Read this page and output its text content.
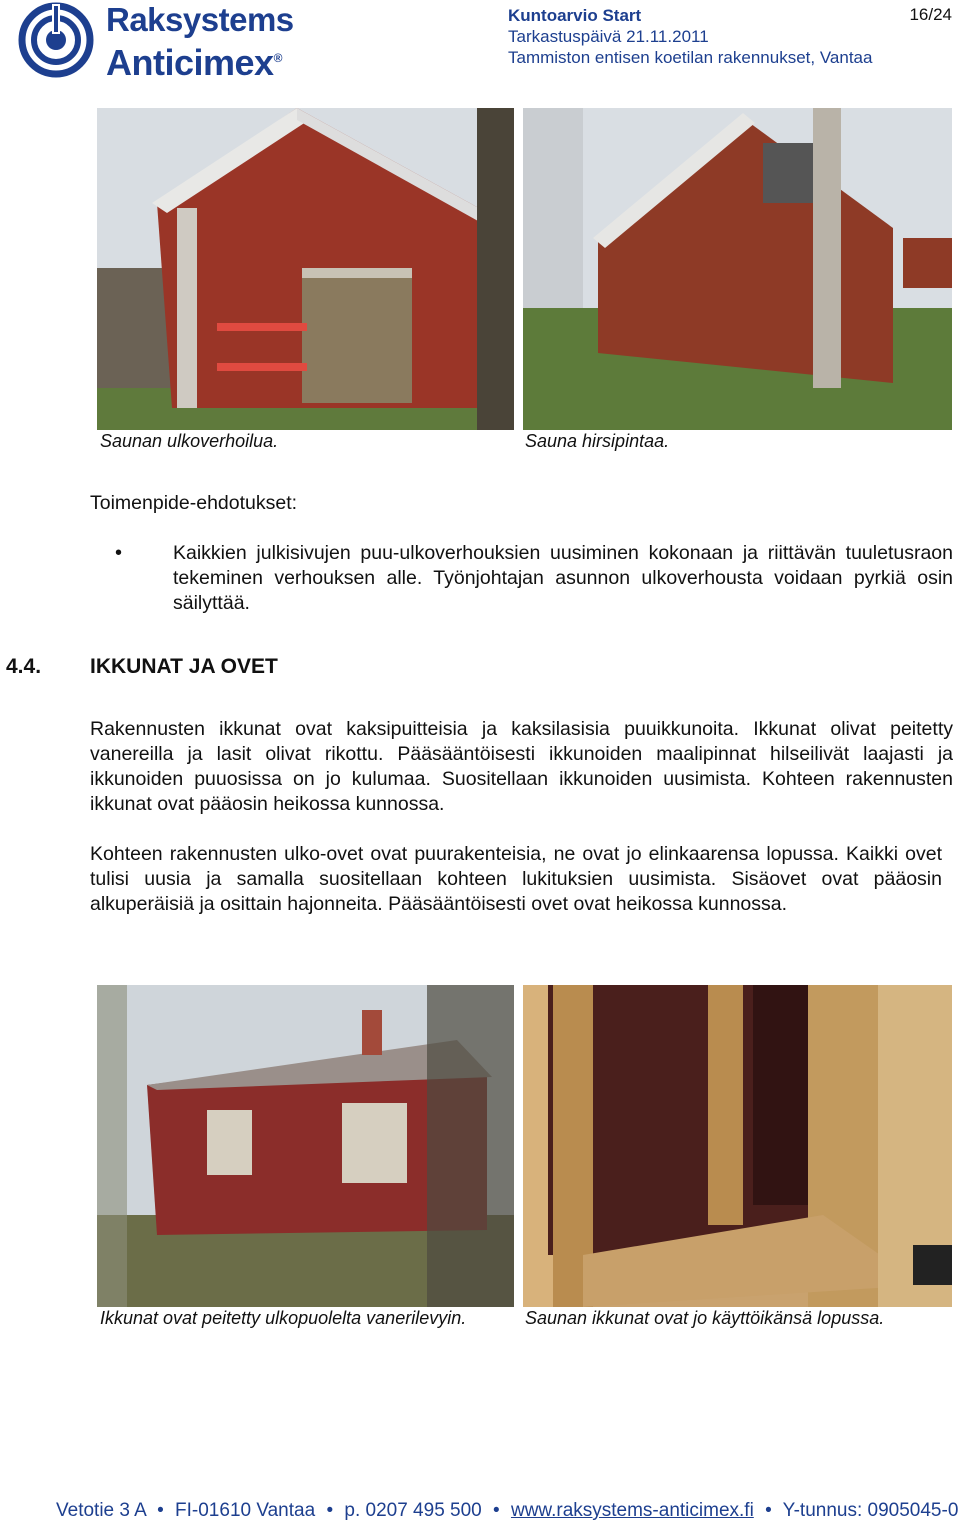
Raksystems
Anticimex®
Kuntoarvio Start
Tarkastuspäivä 21.11.2011
Tammiston entisen koetilan rakennukset, Vantaa
16/24
Saunan ulkoverhoilua.	Sauna hirsipintaa.
Toimenpide-ehdotukset:
•	Kaikkien julkisivujen puu-ulkoverhouksien uusiminen kokonaan ja riittävän tuuletusraon tekeminen verhouksen alle. Työnjohtajan asunnon ulkoverhousta voidaan pyrkiä osin säilyttää.
4.4. IKKUNAT JA OVET
Rakennusten ikkunat ovat kaksipuitteisia ja kaksilasisia puuikkunoita. Ikkunat olivat peitetty vanereilla ja lasit olivat rikottu. Pääsääntöisesti ikkunoiden maalipinnat hilseilivät laajasti ja ikkunoiden puuosissa on jo kulumaa. Suositellaan ikkunoiden uusimista. Kohteen rakennusten ikkunat ovat pääosin heikossa kunnossa.
Kohteen rakennusten ulko-ovet ovat puurakenteisia, ne ovat jo elinkaarensa lopussa. Kaikki ovet tulisi uusia ja samalla suositellaan kohteen lukituksien uusimista. Sisäovet ovat pääosin alkuperäisiä ja osittain hajonneita. Pääsääntöisesti ovet ovat heikossa kunnossa.
Ikkunat ovat peitetty ulkopuolelta vanerilevyin.	Saunan ikkunat ovat jo käyttöikänsä lopussa.
Vetotie 3 A • FI-01610 Vantaa • p. 0207 495 500 • www.raksystems-anticimex.fi • Y-tunnus: 0905045-0
